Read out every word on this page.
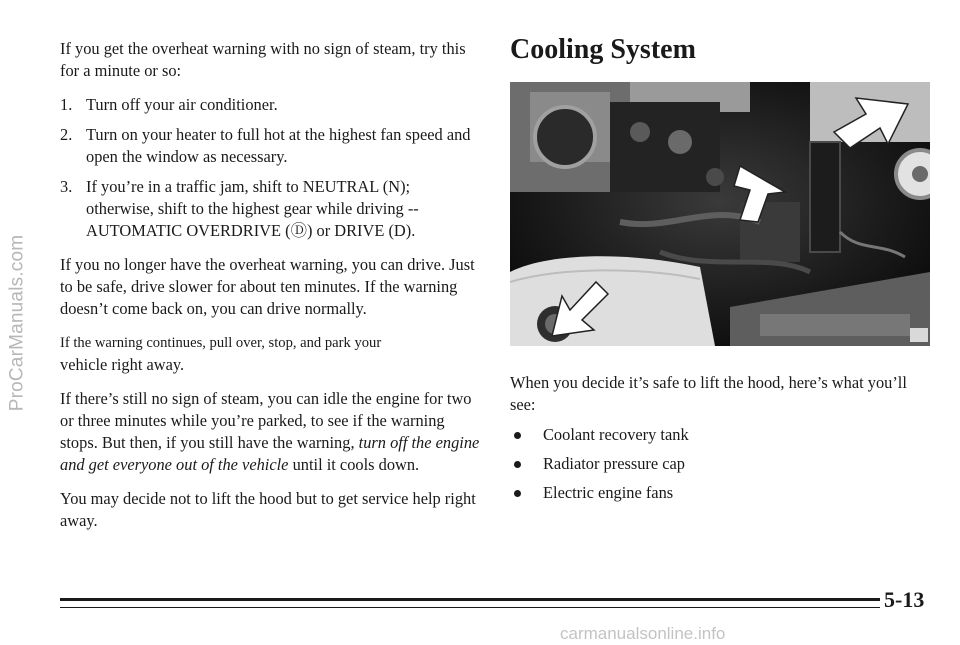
ProCarManuals.com

If you get the overheat warning with no sign of steam, try this for a minute or so:

1. Turn off your air conditioner.
2. Turn on your heater to full hot at the highest fan speed and open the window as necessary.
3. If you’re in a traffic jam, shift to NEUTRAL (N); otherwise, shift to the highest gear while driving -- AUTOMATIC OVERDRIVE (Ⓓ) or DRIVE (D).

If you no longer have the overheat warning, you can drive. Just to be safe, drive slower for about ten minutes. If the warning doesn’t come back on, you can drive normally.

If the warning continues, pull over, stop, and park your
vehicle right away.

If there’s still no sign of steam, you can idle the engine for two or three minutes while you’re parked, to see if the warning stops. But then, if you still have the warning, turn off the engine and get everyone out of the vehicle until it cools down.

You may decide not to lift the hood but to get service help right away.

Cooling System

When you decide it’s safe to lift the hood, here’s what you’ll see:

Coolant recovery tank
Radiator pressure cap
Electric engine fans
5-13
carmanualsonline.info
